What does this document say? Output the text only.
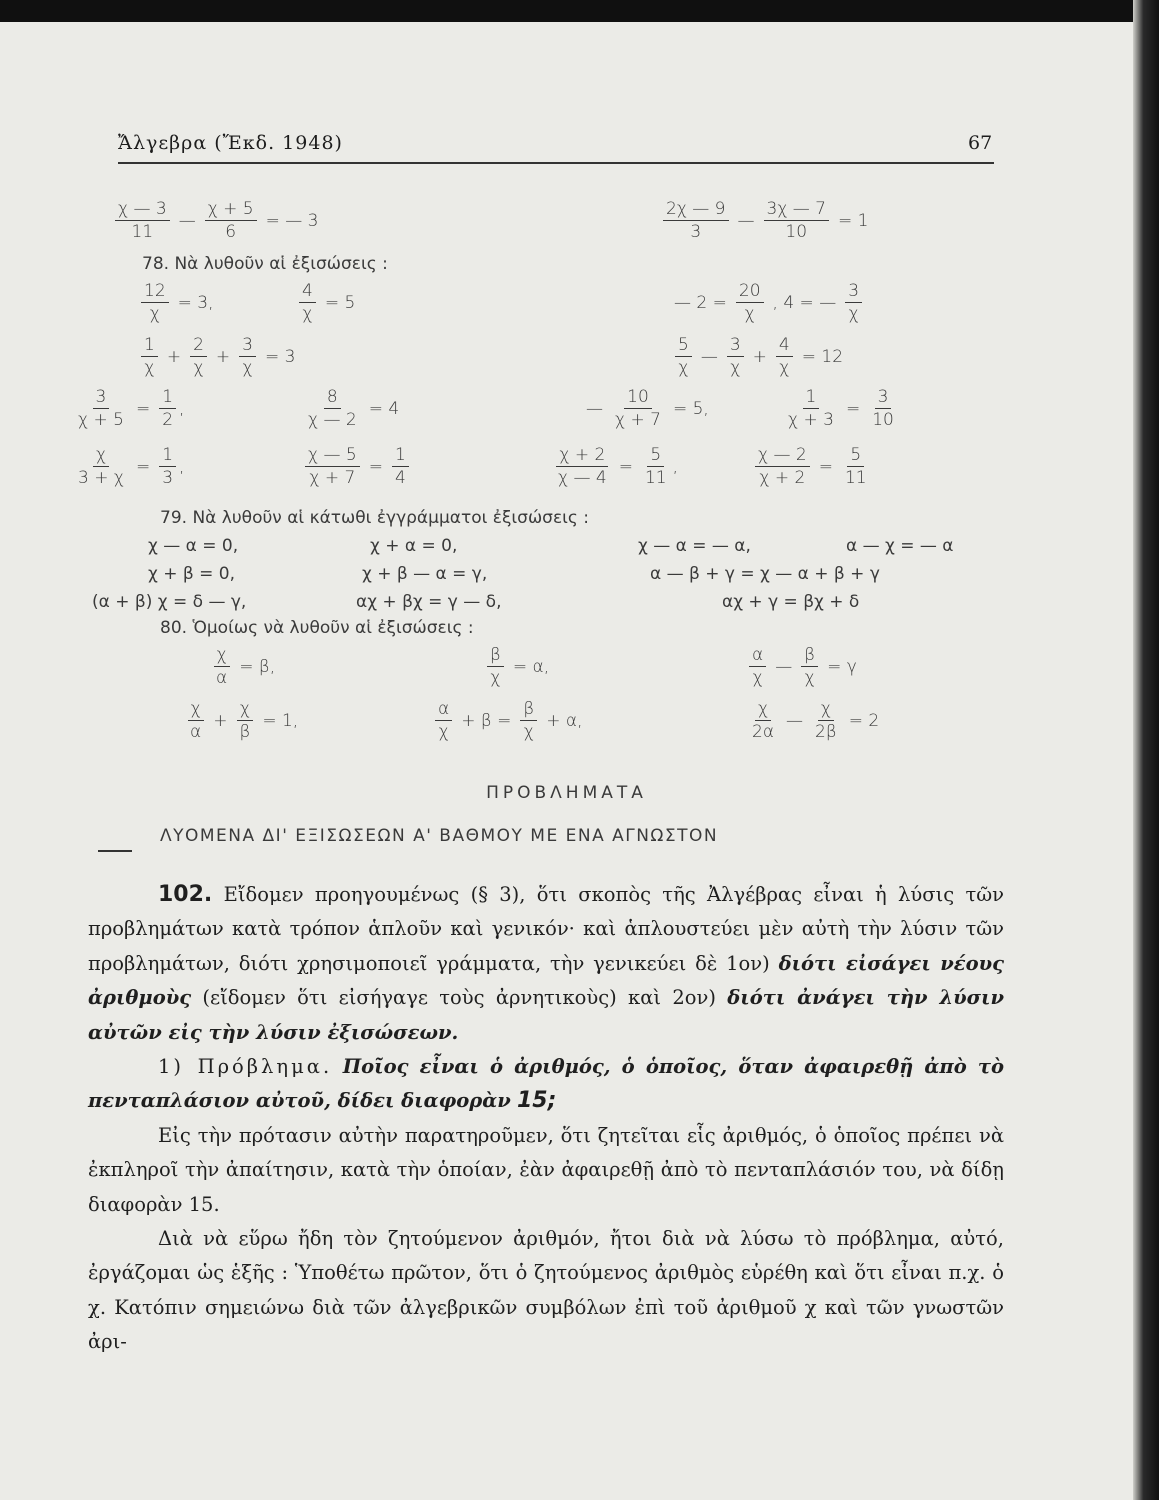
Ἄλγεβρα (Ἔκδ. 1948)	67
$\frac{\chi — 3}{11}$ — $\frac{\chi + 5}{6}$ = — 3	$\frac{2\chi — 9}{3}$ — $\frac{3\chi — 7}{10} = 1$
78. Νὰ λυθοῦν αἱ ἐξισώσεις :
$\frac{12}{\chi} = 3$,	$\frac{4}{\chi} = 5$	— $2 = \frac{20}{\chi}$ , 4 = — $\frac{3}{\chi}$
$\frac{1}{\chi} + \frac{2}{\chi} + \frac{3}{\chi} = 3$	$\frac{5}{\chi}$ — $\frac{3}{\chi} + \frac{4}{\chi} = 12$
$\frac{3}{\chi + 5} = \frac{1}{2}$ ,	$\frac{8}{\chi — 2} = 4$	— $\frac{10}{\chi + 7} = 5$,	$\frac{1}{\chi + 3} = \frac{3}{10}$
$\frac{\chi}{3 + \chi} = \frac{1}{3}$ ,	$\frac{\chi — 5}{\chi + 7} = \frac{1}{4}$	$\frac{\chi + 2}{\chi — 4} = \frac{5}{11}$ ,	$\frac{\chi — 2}{\chi + 2} = \frac{5}{11}$
79. Νὰ λυθοῦν αἱ κάτωθι ἐγγράμματοι ἐξισώσεις :
χ — α = 0,	χ + α = 0,	χ — α = — α,	α — χ = — α
χ + β = 0,	χ + β — α = γ,	α — β + γ = χ — α + β + γ
(α + β) χ = δ — γ,	αχ + βχ = γ — δ,	αχ + γ = βχ + δ
80. Ὁμοίως νὰ λυθοῦν αἱ ἐξισώσεις :
$\frac{\chi}{\alpha} = \beta$,	$\frac{\beta}{\chi} = \alpha$,	$\frac{\alpha}{\chi}$ — $\frac{\beta}{\chi} = \gamma$
$\frac{\chi}{\alpha} + \frac{\chi}{\beta} = 1$,	$\frac{\alpha}{\chi} + \beta = \frac{\beta}{\chi} + \alpha$,	$\frac{\chi}{2\alpha}$ — $\frac{\chi}{2\beta} = 2$
ΠΡΟΒΛΗΜΑΤΑ
ΛΥΟΜΕΝΑ ΔΙ' ΕΞΙΣΩΣΕΩΝ Α' ΒΑΘΜΟΥ ΜΕ ΕΝΑ ΑΓΝΩΣΤΟΝ

102. Εἴδομεν προηγουμένως (§ 3), ὅτι σκοπὸς τῆς Ἀλγέβρας εἶναι ἡ λύσις τῶν προβλημάτων κατὰ τρόπον ἁπλοῦν καὶ γενικόν· καὶ ἁπλουστεύει μὲν αὐτὴ τὴν λύσιν τῶν προβλημάτων, διότι χρησιμοποιεῖ γράμματα, τὴν γενικεύει δὲ 1ον) διότι εἰσάγει νέους ἀριθμοὺς (εἴδομεν ὅτι εἰσήγαγε τοὺς ἀρνητικοὺς) καὶ 2ον) διότι ἀνάγει τὴν λύσιν αὐτῶν εἰς τὴν λύσιν ἐξισώσεων.

1) Πρόβλημα. Ποῖος εἶναι ὁ ἀριθμός, ὁ ὁποῖος, ὅταν ἀφαιρεθῇ ἀπὸ τὸ πενταπλάσιον αὐτοῦ, δίδει διαφορὰν 15;

Εἰς τὴν πρότασιν αὐτὴν παρατηροῦμεν, ὅτι ζητεῖται εἷς ἀριθμός, ὁ ὁποῖος πρέπει νὰ ἐκπληροῖ τὴν ἀπαίτησιν, κατὰ τὴν ὁποίαν, ἐὰν ἀφαιρεθῇ ἀπὸ τὸ πενταπλάσιόν του, νὰ δίδῃ διαφορὰν 15.

Διὰ νὰ εὕρω ἤδη τὸν ζητούμενον ἀριθμόν, ἤτοι διὰ νὰ λύσω τὸ πρόβλημα, αὐτό, ἐργάζομαι ὡς ἑξῆς : Ὑποθέτω πρῶτον, ὅτι ὁ ζητούμενος ἀριθμὸς εὑρέθη καὶ ὅτι εἶναι π.χ. ὁ χ. Κατόπιν σημειώνω διὰ τῶν ἀλγεβρικῶν συμβόλων ἐπὶ τοῦ ἀριθμοῦ χ καὶ τῶν γνωστῶν ἀρι-
